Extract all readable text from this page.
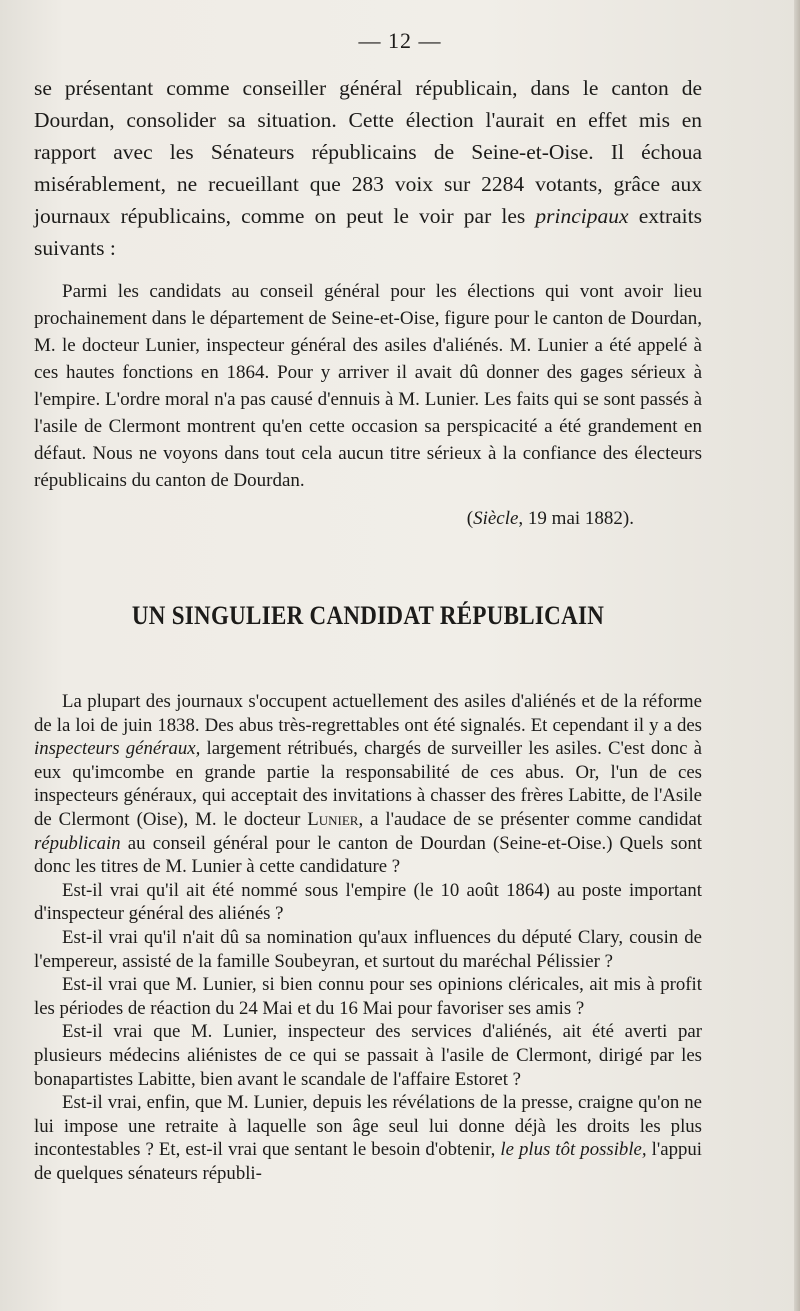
— 12 —

se présentant comme conseiller général républicain, dans le canton de Dourdan, consolider sa situation. Cette élection l'aurait en effet mis en rapport avec les Sénateurs républicains de Seine-et-Oise. Il échoua misérablement, ne recueillant que 283 voix sur 2284 votants, grâce aux journaux républicains, comme on peut le voir par les principaux extraits suivants :

Parmi les candidats au conseil général pour les élections qui vont avoir lieu prochainement dans le département de Seine-et-Oise, figure pour le canton de Dourdan, M. le docteur Lunier, inspecteur général des asiles d'aliénés. M. Lunier a été appelé à ces hautes fonctions en 1864. Pour y arriver il avait dû donner des gages sérieux à l'empire. L'ordre moral n'a pas causé d'ennuis à M. Lunier. Les faits qui se sont passés à l'asile de Clermont montrent qu'en cette occasion sa perspicacité a été grandement en défaut. Nous ne voyons dans tout cela aucun titre sérieux à la confiance des électeurs républicains du canton de Dourdan.

(Siècle, 19 mai 1882).
UN SINGULIER CANDIDAT RÉPUBLICAIN

La plupart des journaux s'occupent actuellement des asiles d'aliénés et de la réforme de la loi de juin 1838. Des abus très-regrettables ont été signalés. Et cependant il y a des inspecteurs généraux, largement rétribués, chargés de surveiller les asiles. C'est donc à eux qu'imcombe en grande partie la responsabilité de ces abus. Or, l'un de ces inspecteurs généraux, qui acceptait des invitations à chasser des frères Labitte, de l'Asile de Clermont (Oise), M. le docteur Lunier, a l'audace de se présenter comme candidat républicain au conseil général pour le canton de Dourdan (Seine-et-Oise.) Quels sont donc les titres de M. Lunier à cette candidature ?

Est-il vrai qu'il ait été nommé sous l'empire (le 10 août 1864) au poste important d'inspecteur général des aliénés ?

Est-il vrai qu'il n'ait dû sa nomination qu'aux influences du député Clary, cousin de l'empereur, assisté de la famille Soubeyran, et surtout du maréchal Pélissier ?

Est-il vrai que M. Lunier, si bien connu pour ses opinions cléricales, ait mis à profit les périodes de réaction du 24 Mai et du 16 Mai pour favoriser ses amis ?

Est-il vrai que M. Lunier, inspecteur des services d'aliénés, ait été averti par plusieurs médecins aliénistes de ce qui se passait à l'asile de Clermont, dirigé par les bonapartistes Labitte, bien avant le scandale de l'affaire Estoret ?

Est-il vrai, enfin, que M. Lunier, depuis les révélations de la presse, craigne qu'on ne lui impose une retraite à laquelle son âge seul lui donne déjà les droits les plus incontestables ? Et, est-il vrai que sentant le besoin d'obtenir, le plus tôt possible, l'appui de quelques sénateurs républi-
